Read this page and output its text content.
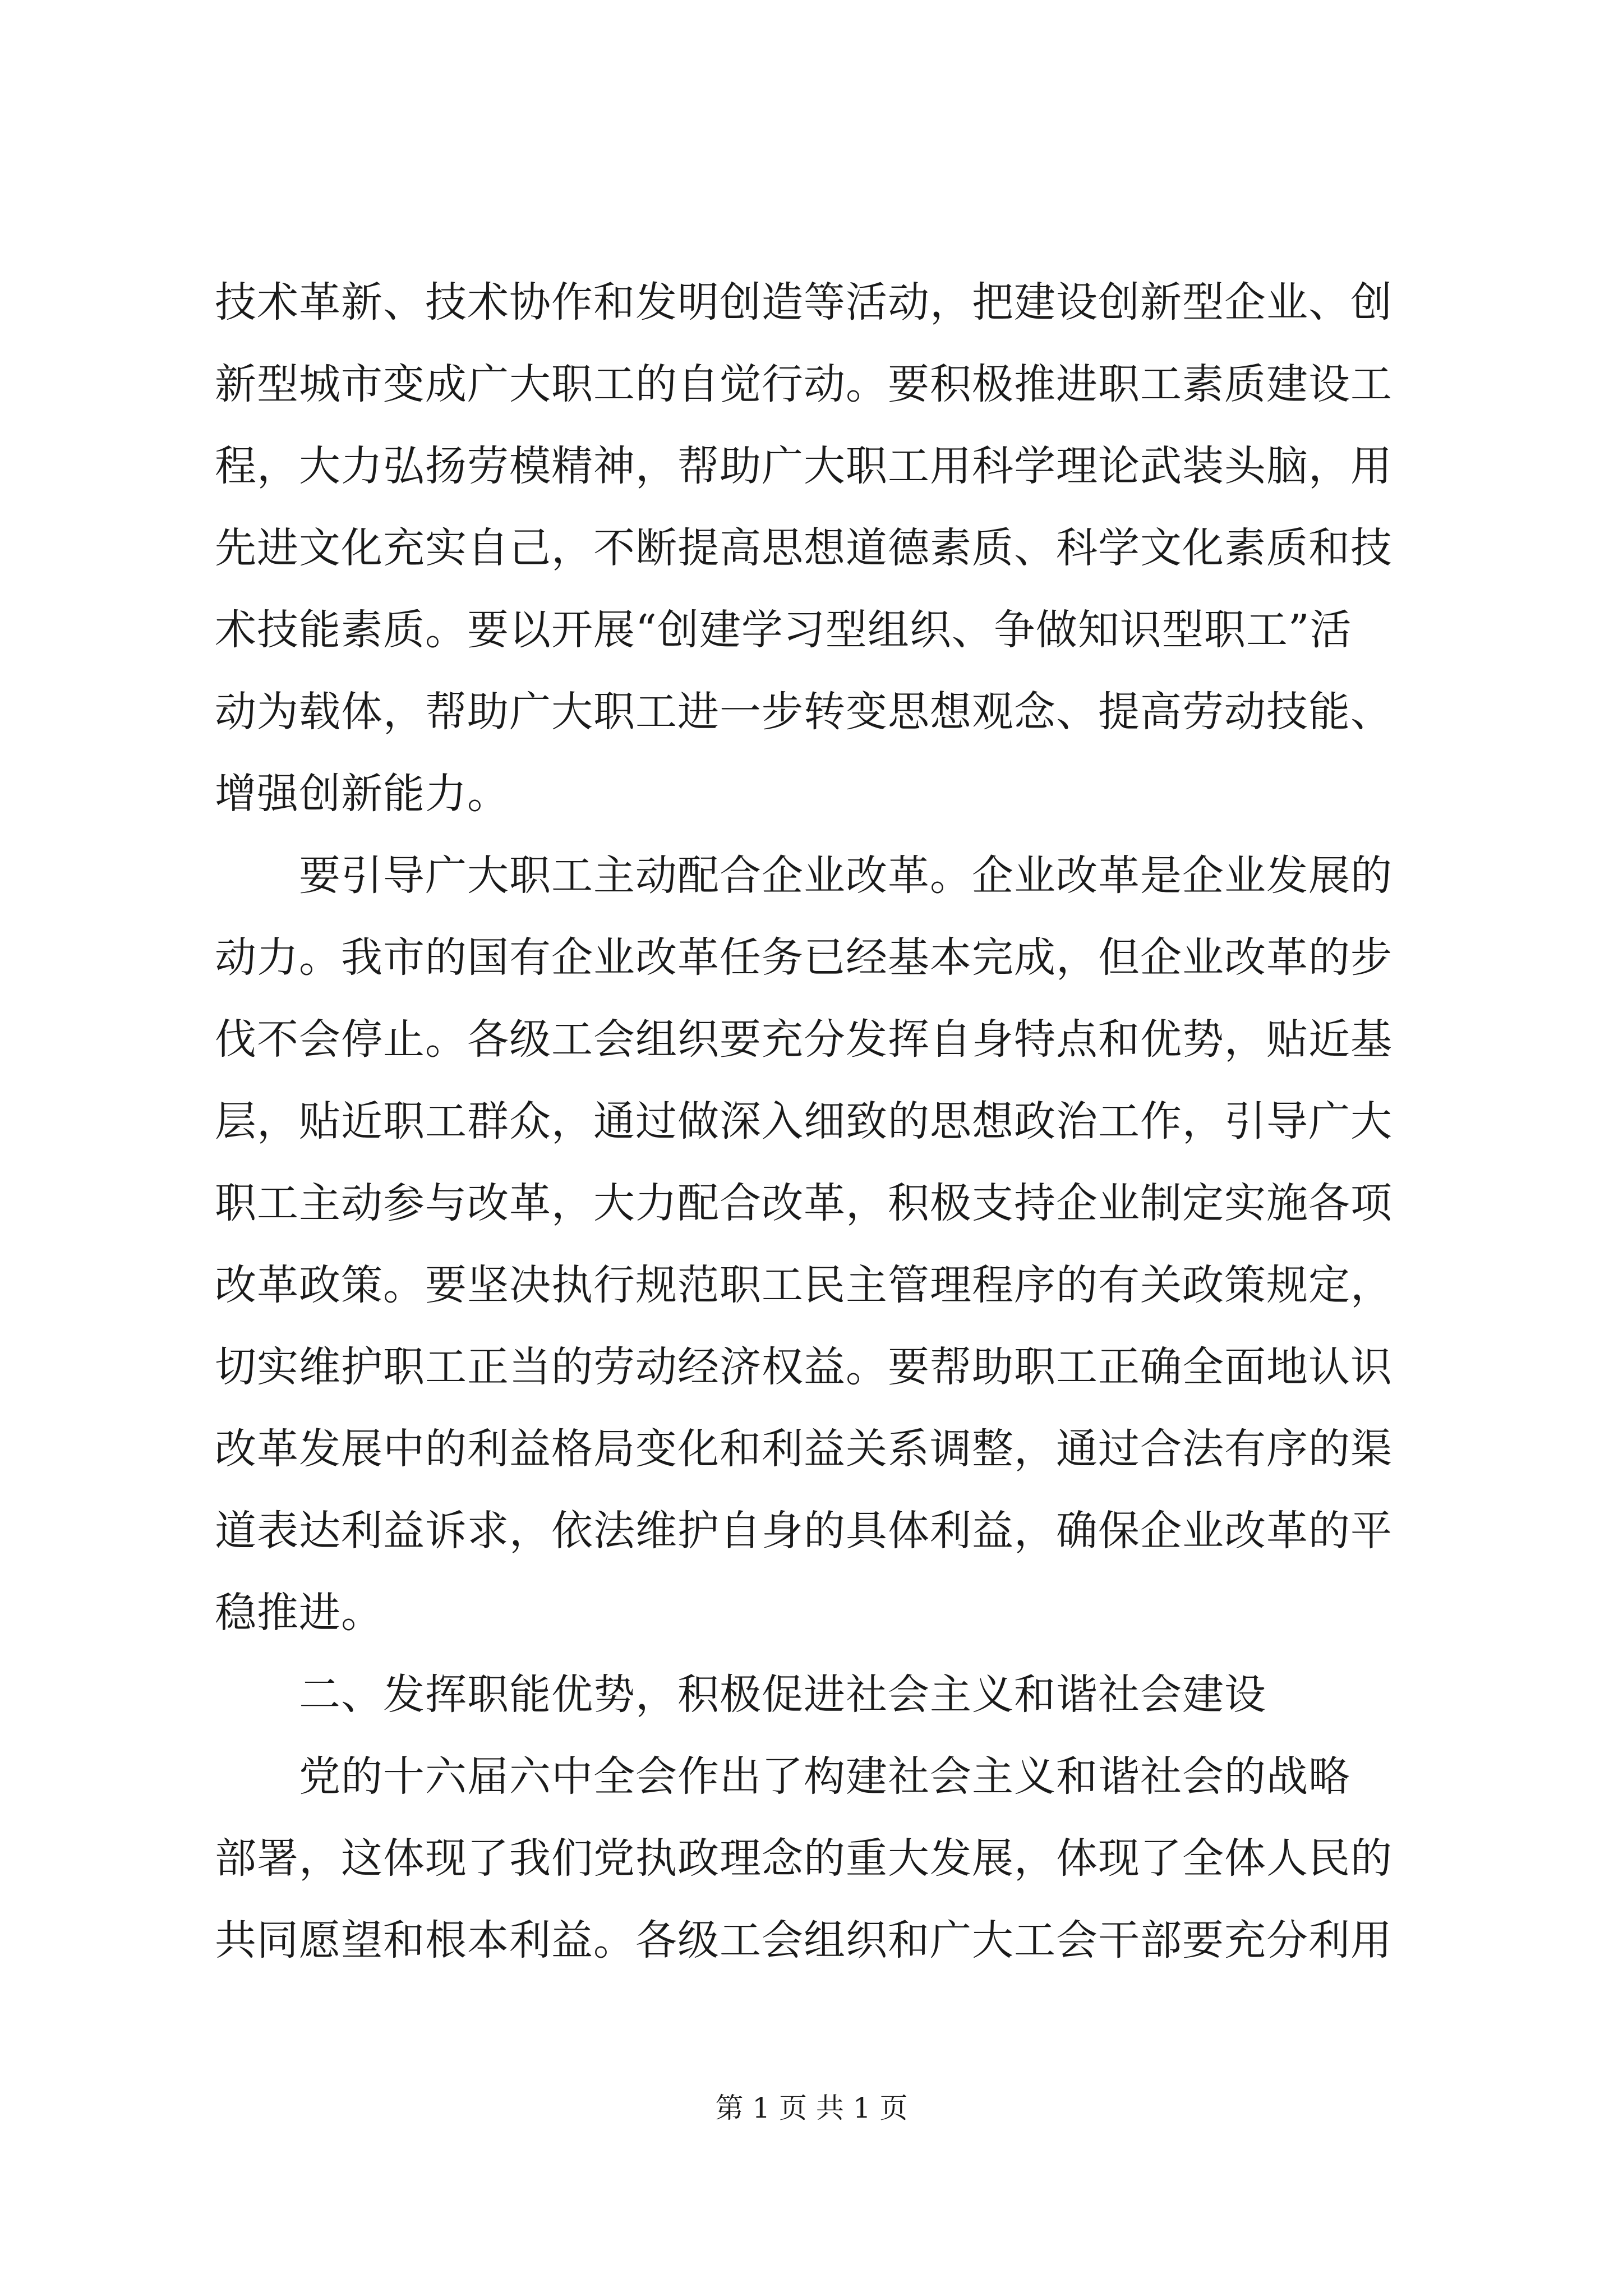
技术革新、技术协作和发明创造等活动，把建设创新型企业、创
新型城市变成广大职工的自觉行动。要积极推进职工素质建设工
程，大力弘扬劳模精神，帮助广大职工用科学理论武装头脑，用
先进文化充实自己，不断提高思想道德素质、科学文化素质和技
术技能素质。要以开展“创建学习型组织、争做知识型职工”活
动为载体，帮助广大职工进一步转变思想观念、提高劳动技能、
增强创新能力。
　　要引导广大职工主动配合企业改革。企业改革是企业发展的
动力。我市的国有企业改革任务已经基本完成，但企业改革的步
伐不会停止。各级工会组织要充分发挥自身特点和优势，贴近基
层，贴近职工群众，通过做深入细致的思想政治工作，引导广大
职工主动参与改革，大力配合改革，积极支持企业制定实施各项
改革政策。要坚决执行规范职工民主管理程序的有关政策规定，
切实维护职工正当的劳动经济权益。要帮助职工正确全面地认识
改革发展中的利益格局变化和利益关系调整，通过合法有序的渠
道表达利益诉求，依法维护自身的具体利益，确保企业改革的平
稳推进。
　　二、发挥职能优势，积极促进社会主义和谐社会建设
　　党的十六届六中全会作出了构建社会主义和谐社会的战略
部署，这体现了我们党执政理念的重大发展，体现了全体人民的
共同愿望和根本利益。各级工会组织和广大工会干部要充分利用
第 1 页 共 1 页
